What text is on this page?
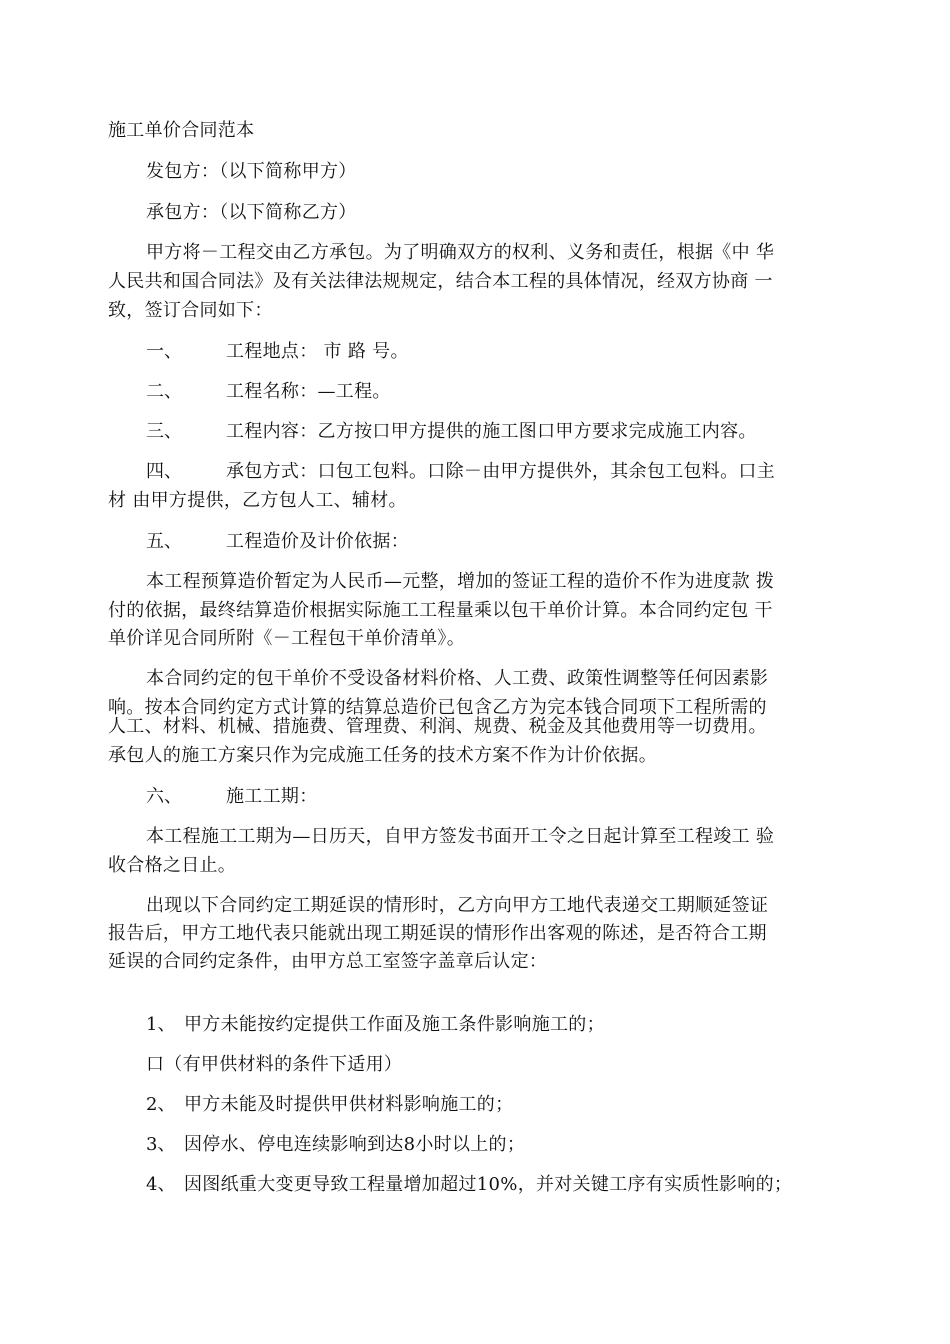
施工单价合同范本
发包方：（以下简称甲方）
承包方：（以下简称乙方）
甲方将－工程交由乙方承包。为了明确双方的权利、义务和责任，根据《中 华
人民共和国合同法》及有关法律法规规定，结合本工程的具体情况，经双方协商 一
致，签订合同如下：
一、 工程地点： 市 路 号。
二、 工程名称：—工程。
三、 工程内容：乙方按口甲方提供的施工图口甲方要求完成施工内容。
四、 承包方式：口包工包料。口除－由甲方提供外，其余包工包料。口主
材 由甲方提供，乙方包人工、辅材。
五、 工程造价及计价依据：
本工程预算造价暂定为人民币—元整，增加的签证工程的造价不作为进度款 拨
付的依据，最终结算造价根据实际施工工程量乘以包干单价计算。本合同约定包 干
单价详见合同所附《－工程包干单价清单》。
本合同约定的包干单价不受设备材料价格、人工费、政策性调整等任何因素影
响。按本合同约定方式计算的结算总造价已包含乙方为完本钱合同项下工程所需的
人工、材料、机械、措施费、管理费、利润、规费、税金及其他费用等一切费用。
承包人的施工方案只作为完成施工任务的技术方案不作为计价依据。
六、 施工工期：
本工程施工工期为—日历天，自甲方签发书面开工令之日起计算至工程竣工 验
收合格之日止。
出现以下合同约定工期延误的情形时，乙方向甲方工地代表递交工期顺延签证
报告后，甲方工地代表只能就出现工期延误的情形作出客观的陈述，是否符合工期
延误的合同约定条件，由甲方总工室签字盖章后认定：
1、 甲方未能按约定提供工作面及施工条件影响施工的；
口（有甲供材料的条件下适用）
2、 甲方未能及时提供甲供材料影响施工的；
3、 因停水、停电连续影响到达8小时以上的；
4、 因图纸重大变更导致工程量增加超过10%，并对关键工序有实质性影响的；
